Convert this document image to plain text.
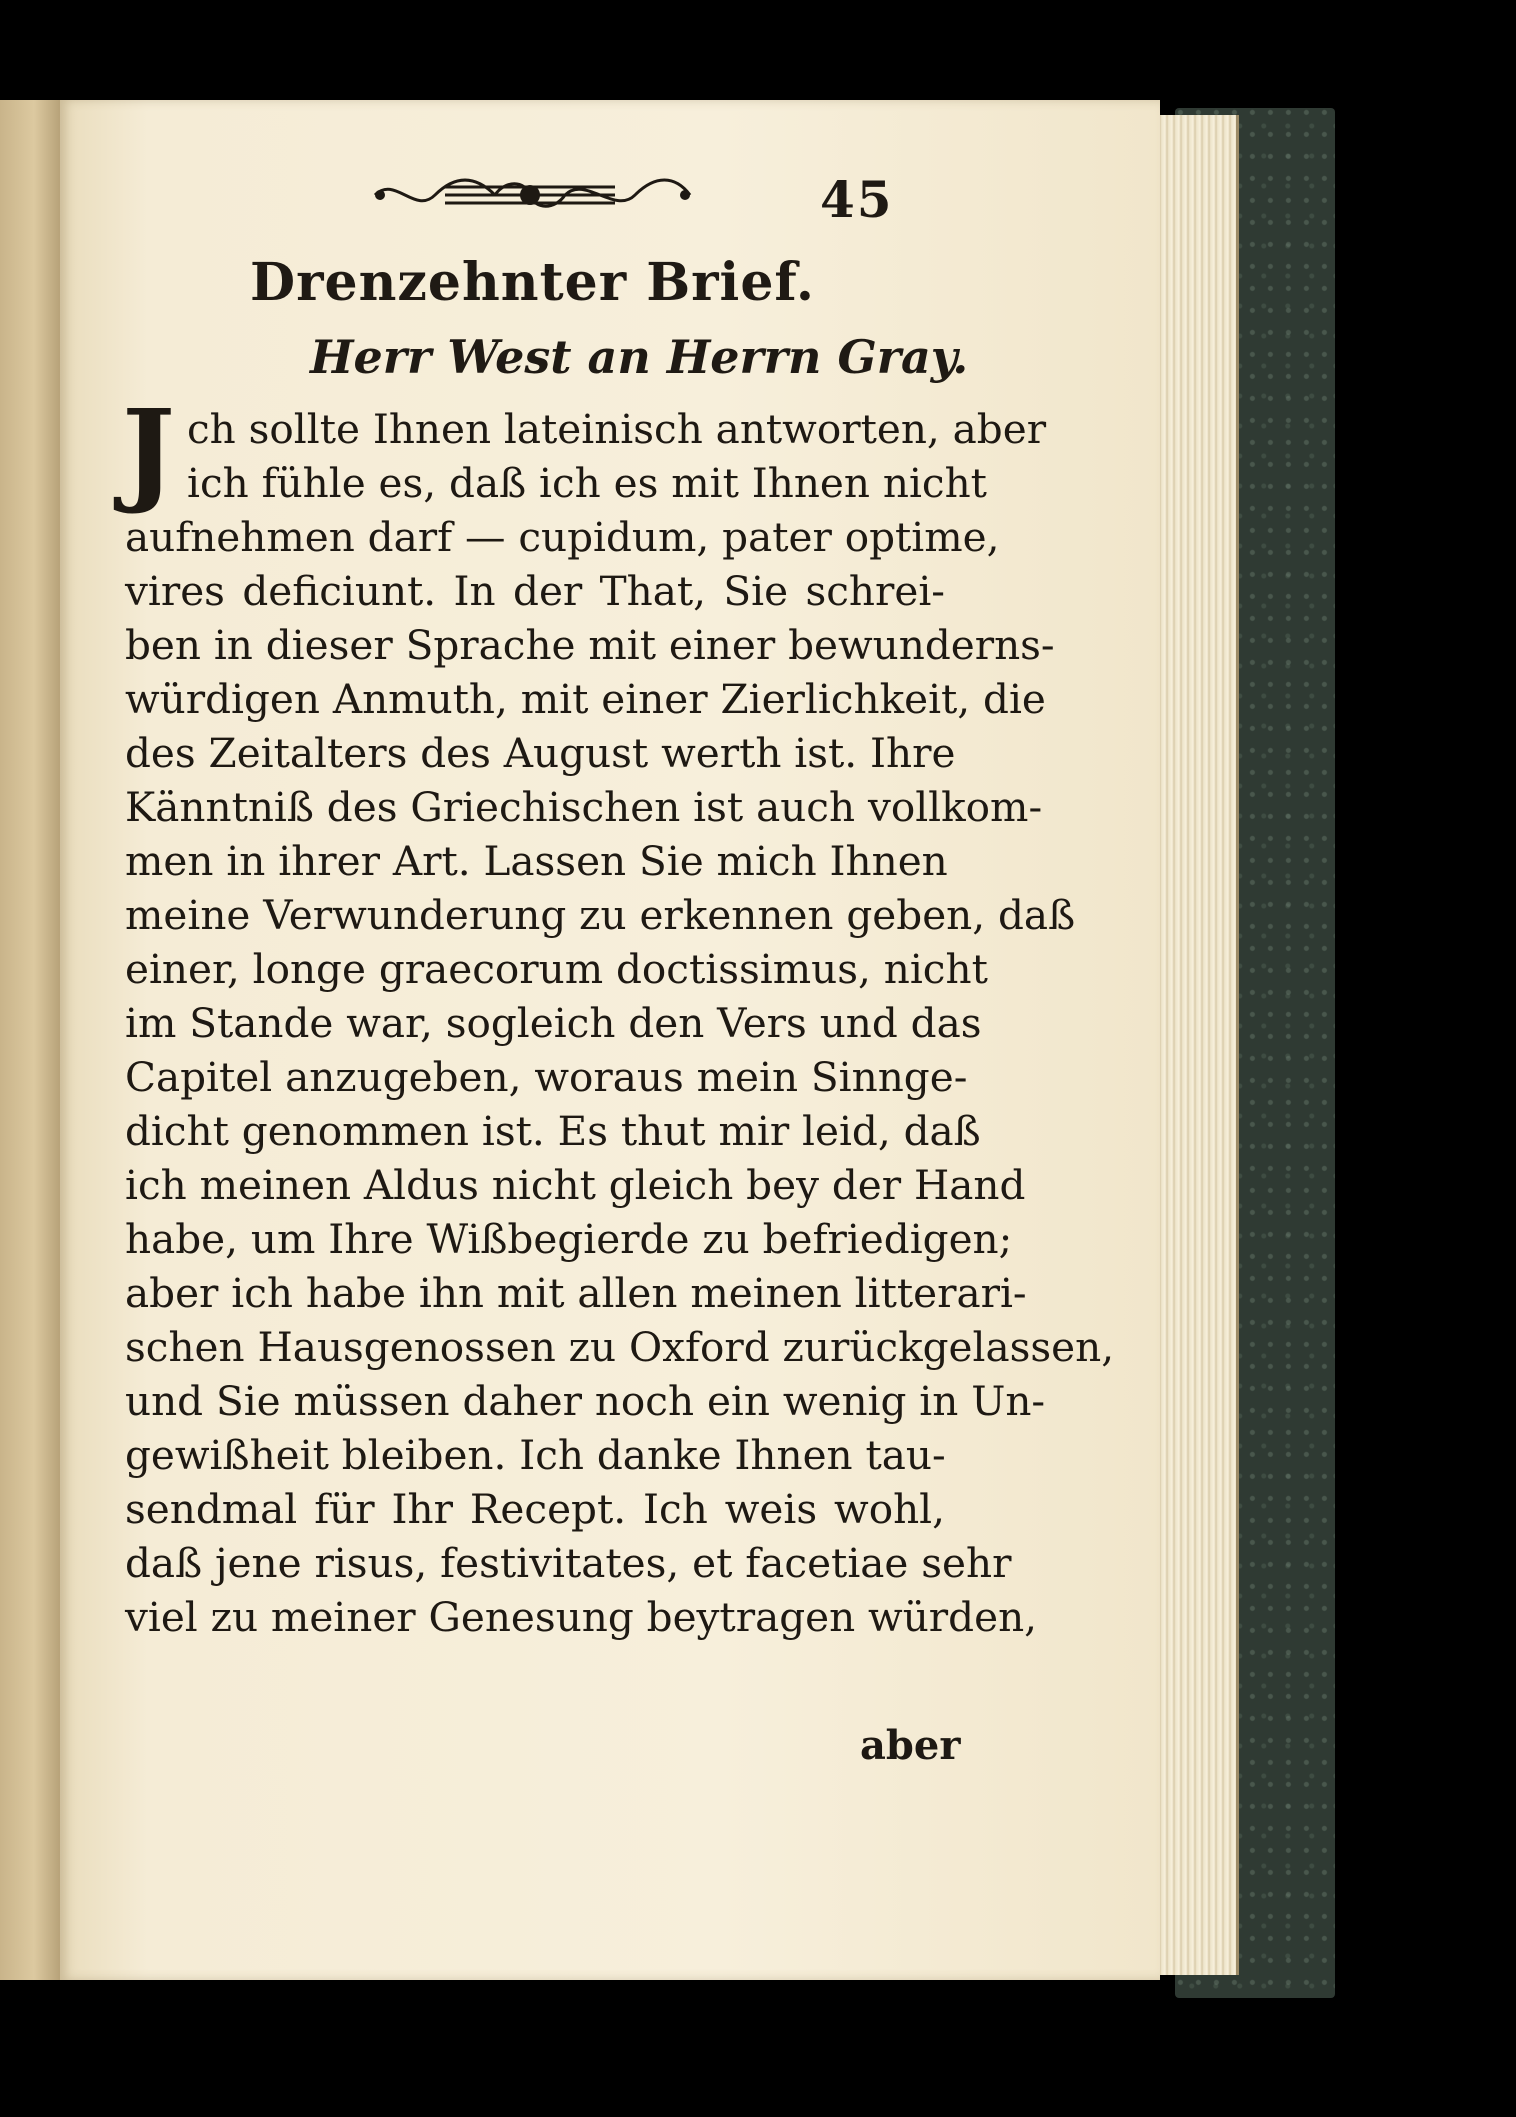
45
Drenzehnter Brief.
Herr West an Herrn Gray.
J ch sollte Ihnen lateinisch antworten, aber
ich fühle es, daß ich es mit Ihnen nicht
aufnehmen darf — cupidum, pater optime,
vires deficiunt. In der That, Sie schrei-
ben in dieser Sprache mit einer bewunderns-
würdigen Anmuth, mit einer Zierlichkeit, die
des Zeitalters des August werth ist. Ihre
Känntniß des Griechischen ist auch vollkom-
men in ihrer Art. Lassen Sie mich Ihnen
meine Verwunderung zu erkennen geben, daß
einer, longe graecorum doctissimus, nicht
im Stande war, sogleich den Vers und das
Capitel anzugeben, woraus mein Sinnge-
dicht genommen ist. Es thut mir leid, daß
ich meinen Aldus nicht gleich bey der Hand
habe, um Ihre Wißbegierde zu befriedigen;
aber ich habe ihn mit allen meinen litterari-
schen Hausgenossen zu Oxford zurückgelassen,
und Sie müssen daher noch ein wenig in Un-
gewißheit bleiben. Ich danke Ihnen tau-
sendmal für Ihr Recept. Ich weis wohl,
daß jene risus, festivitates, et facetiae sehr
viel zu meiner Genesung beytragen würden,
aber
